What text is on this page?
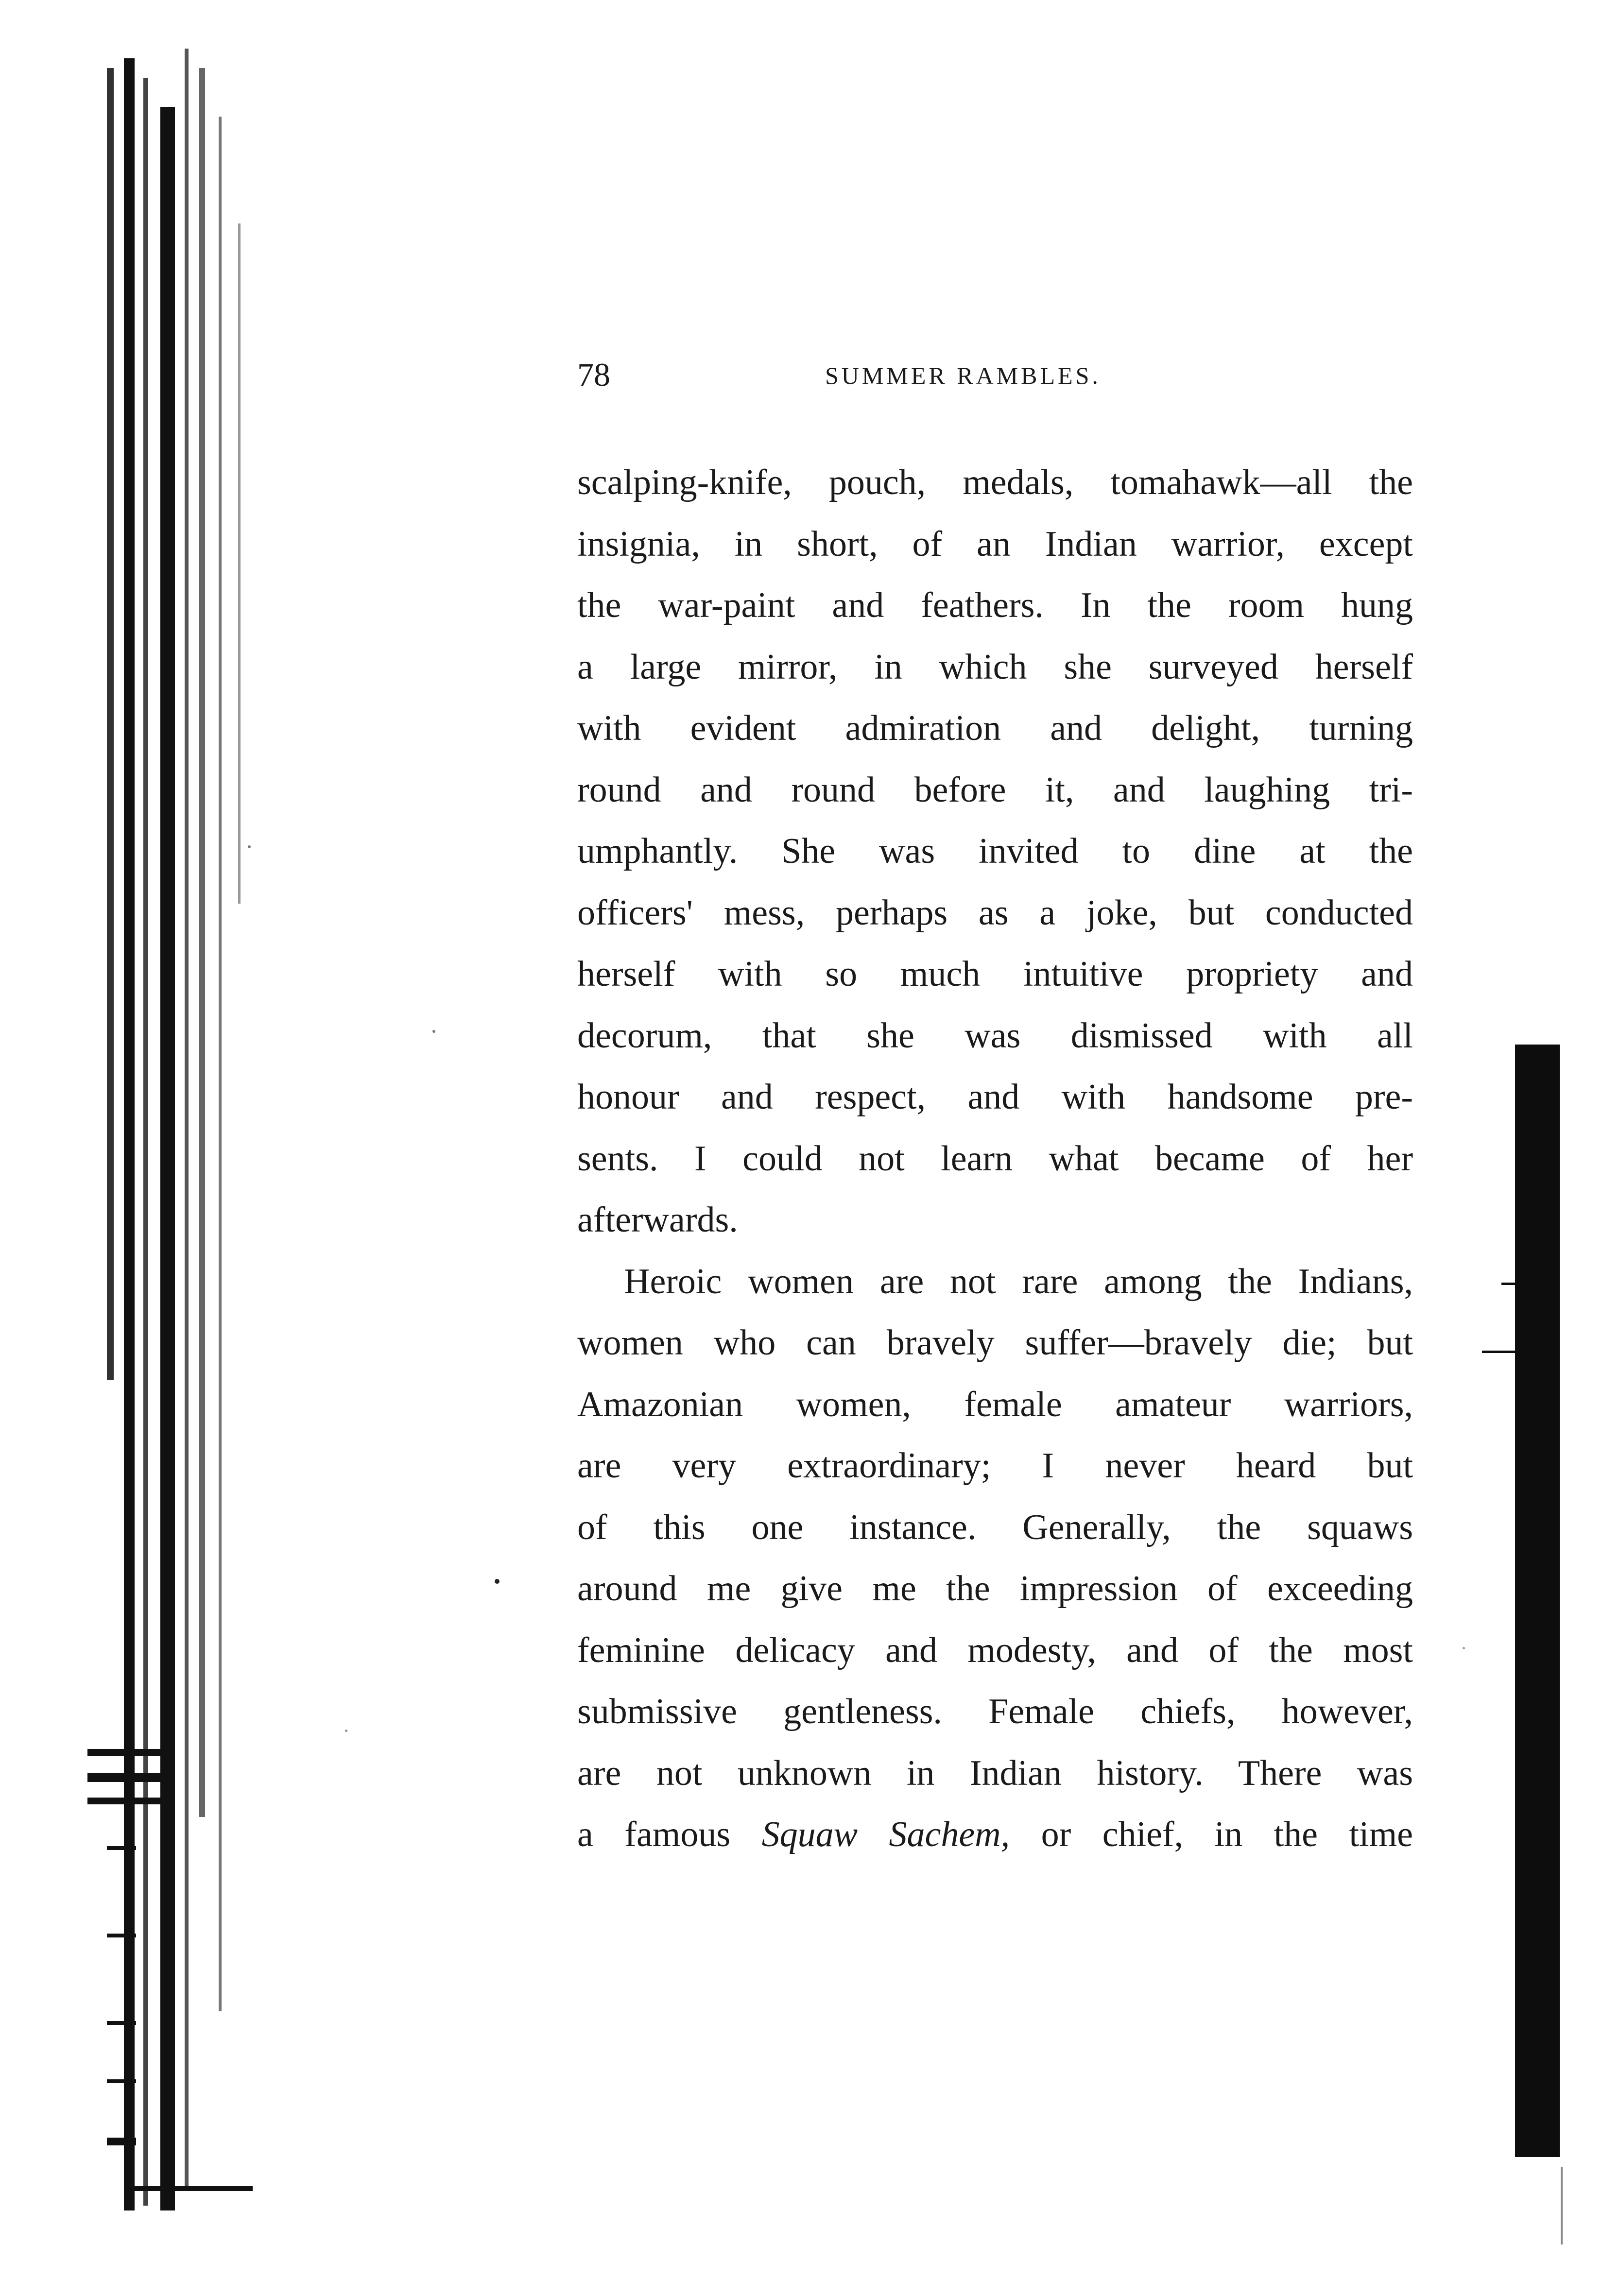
78	SUMMER RAMBLES.
scalping-knife, pouch, medals, tomahawk—all the
insignia, in short, of an Indian warrior, except
the war-paint and feathers. In the room hung
a large mirror, in which she surveyed herself
with evident admiration and delight, turning
round and round before it, and laughing tri-
umphantly. She was invited to dine at the
officers' mess, perhaps as a joke, but conducted
herself with so much intuitive propriety and
decorum, that she was dismissed with all
honour and respect, and with handsome pre-
sents. I could not learn what became of her
afterwards.
Heroic women are not rare among the Indians,
women who can bravely suffer—bravely die; but
Amazonian women, female amateur warriors,
are very extraordinary; I never heard but
of this one instance. Generally, the squaws
around me give me the impression of exceeding
feminine delicacy and modesty, and of the most
submissive gentleness. Female chiefs, however,
are not unknown in Indian history. There was
a famous Squaw Sachem, or chief, in the time
